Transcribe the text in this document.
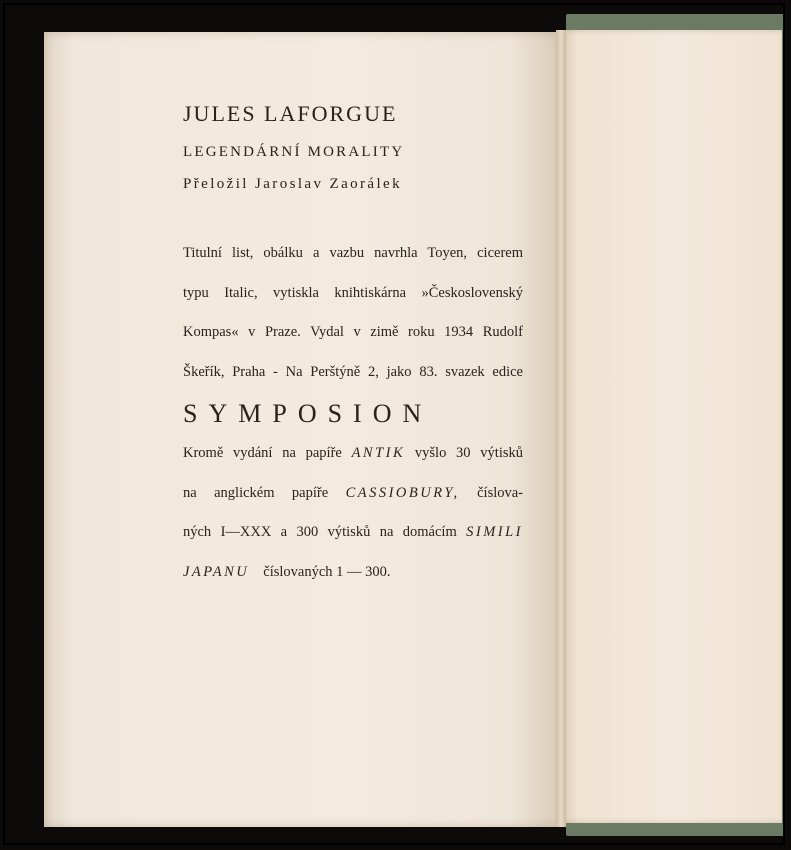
JULES LAFORGUE
LEGENDÁRNÍ MORALITY
Přeložil Jaroslav Zaorálek
Titulní list, obálku a vazbu navrhla Toyen, cicerem
typu Italic, vytiskla knihtiskárna »Československý
Kompas« v Praze. Vydal v zimě roku 1934 Rudolf
Škeřík, Praha - Na Perštýně 2, jako 83. svazek edice
SYMPOSION
Kromě vydání na papíře ANTIK vyšlo 30 výtisků
na anglickém papíře CASSIOBURY, číslova-
ných I—XXX a 300 výtisků na domácím SIMILI
JAPANU číslovaných 1 — 300.
